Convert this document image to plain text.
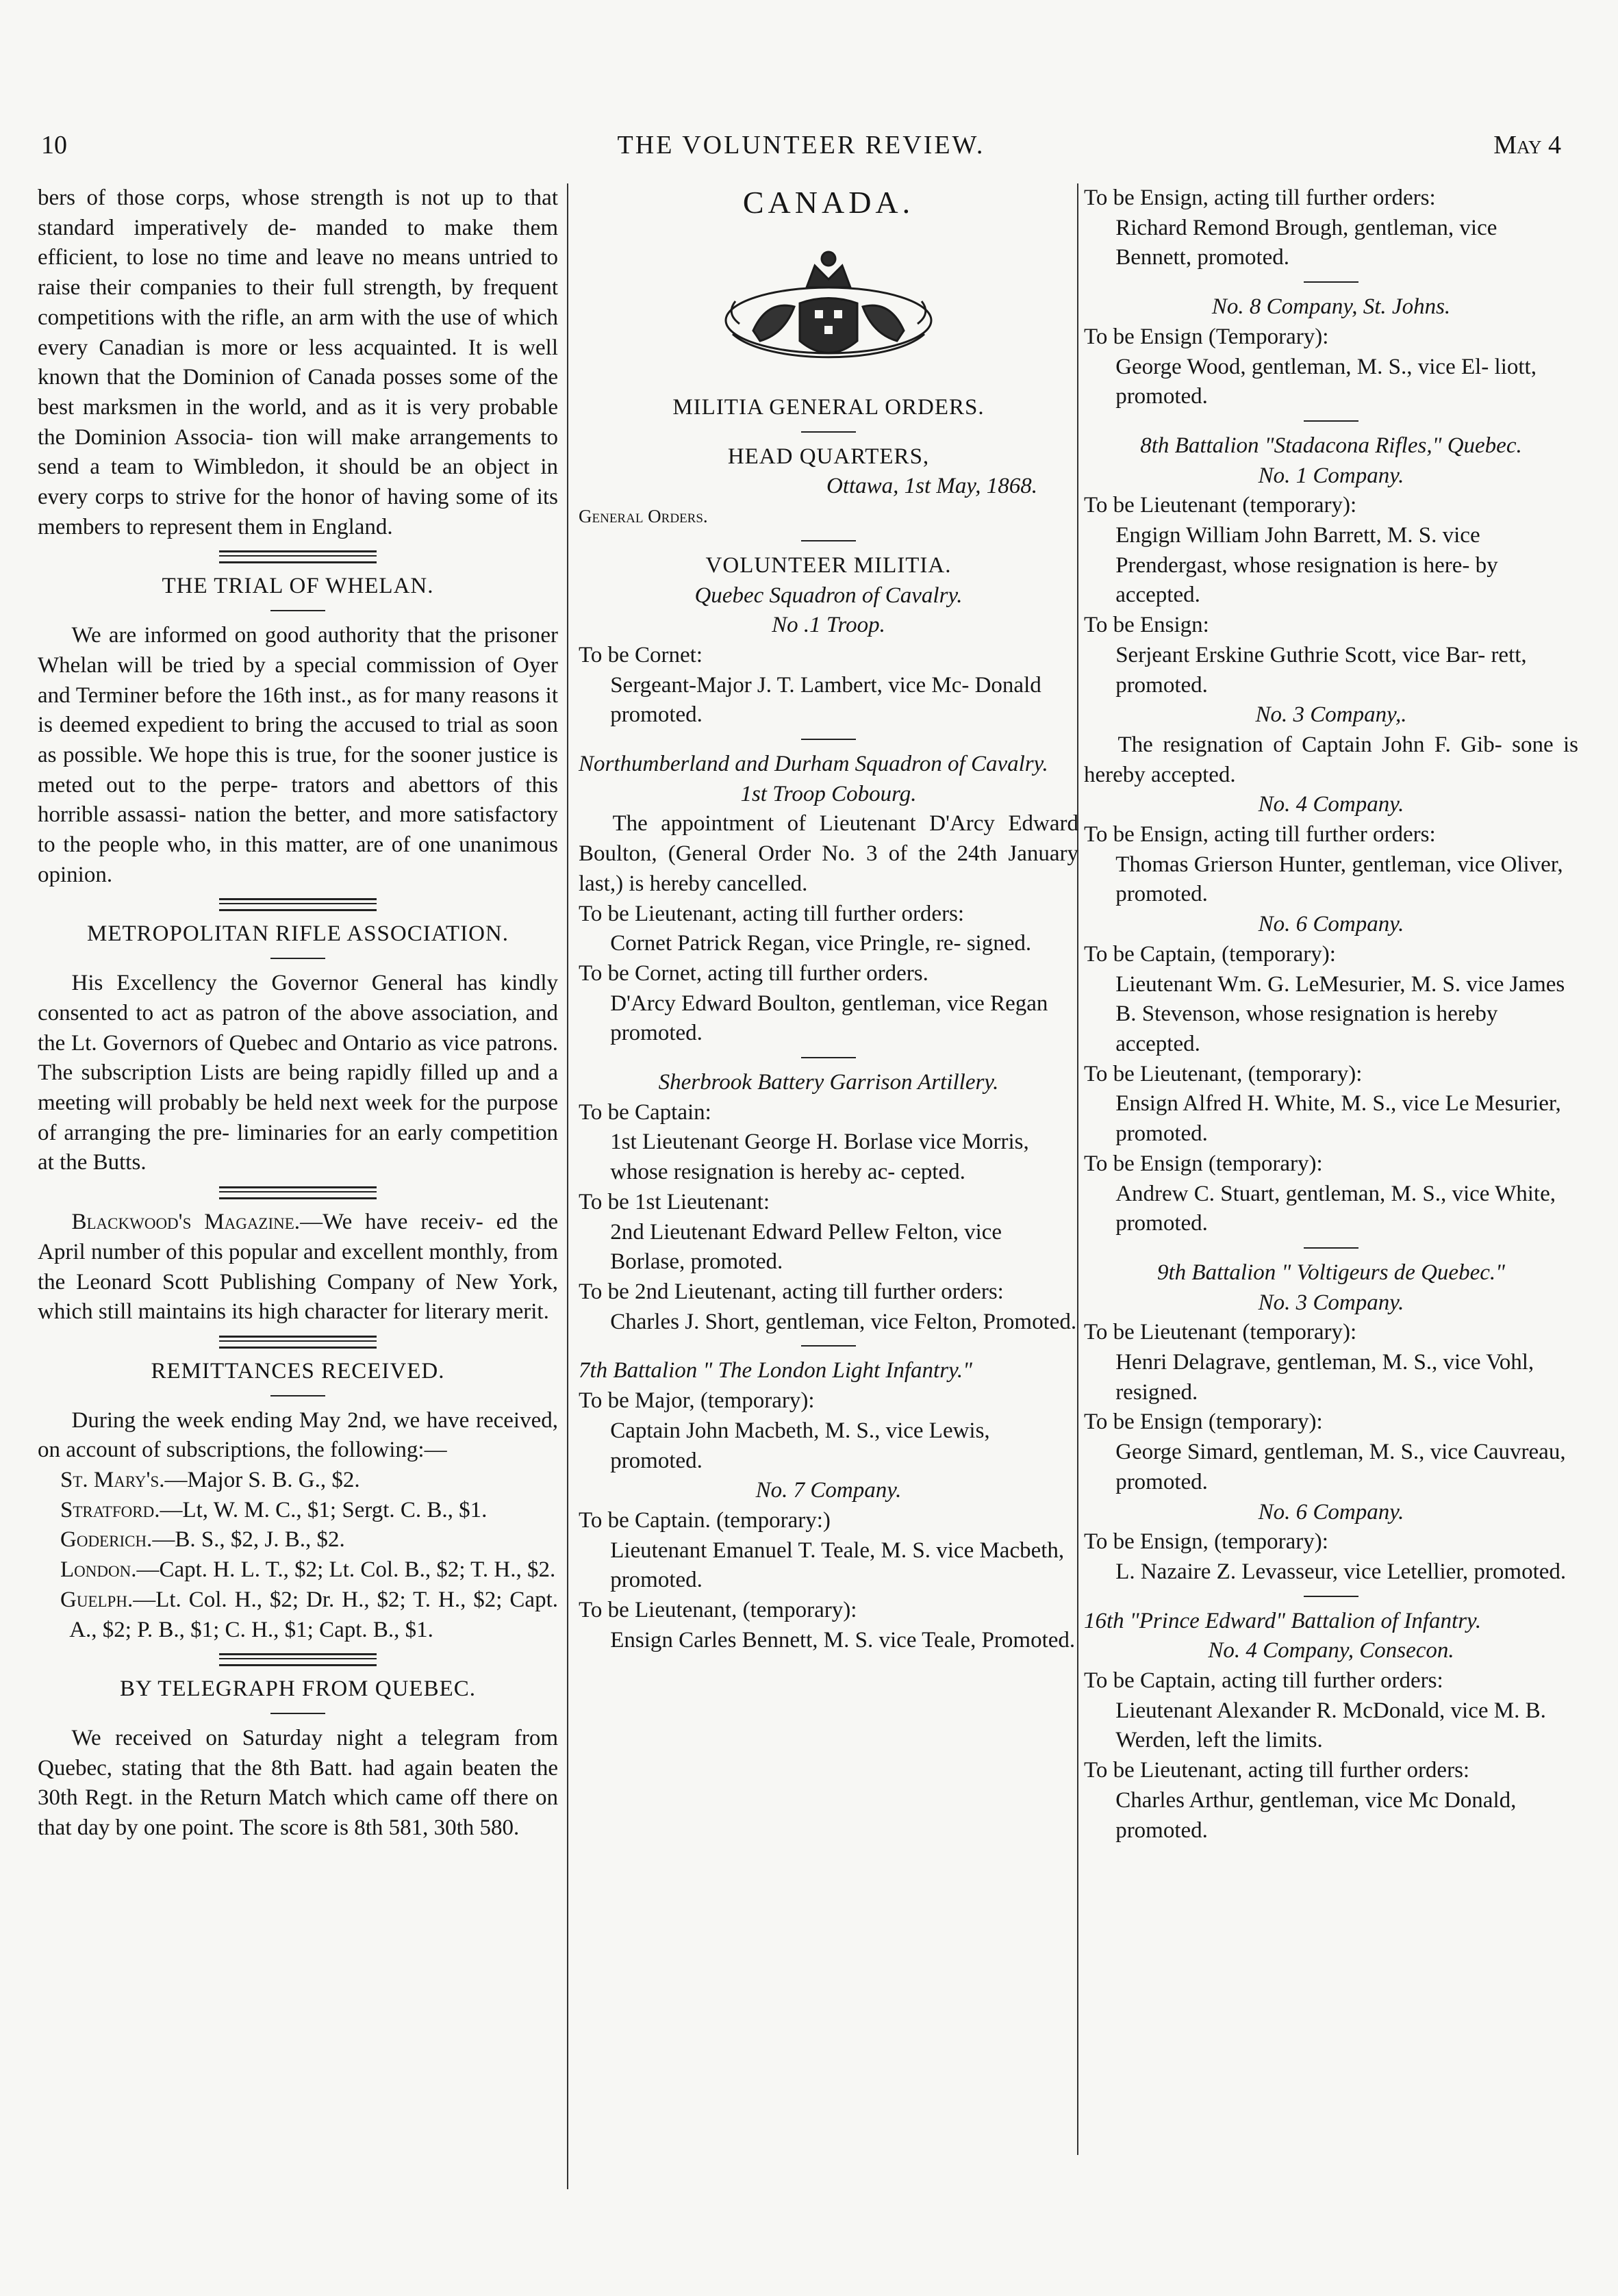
10	THE VOLUNTEER REVIEW.	May 4

bers of those corps, whose strength is not up to that standard imperatively de- manded to make them efficient, to lose no time and leave no means untried to raise their companies to their full strength, by frequent competitions with the rifle, an arm with the use of which every Canadian is more or less acquainted. It is well known that the Dominion of Canada posses some of the best marksmen in the world, and as it is very probable the Dominion Associa- tion will make arrangements to send a team to Wimbledon, it should be an object in every corps to strive for the honor of having some of its members to represent them in England.

THE TRIAL OF WHELAN.

We are informed on good authority that the prisoner Whelan will be tried by a special commission of Oyer and Terminer before the 16th inst., as for many reasons it is deemed expedient to bring the accused to trial as soon as possible. We hope this is true, for the sooner justice is meted out to the perpe- trators and abettors of this horrible assassi- nation the better, and more satisfactory to the people who, in this matter, are of one unanimous opinion.

METROPOLITAN RIFLE ASSOCIATION.

His Excellency the Governor General has kindly consented to act as patron of the above association, and the Lt. Governors of Quebec and Ontario as vice patrons. The subscription Lists are being rapidly filled up and a meeting will probably be held next week for the purpose of arranging the pre- liminaries for an early competition at the Butts.

Blackwood's Magazine.—We have receiv- ed the April number of this popular and excellent monthly, from the Leonard Scott Publishing Company of New York, which still maintains its high character for literary merit.

REMITTANCES RECEIVED.

During the week ending May 2nd, we have received, on account of subscriptions, the following:—

St. Mary's.—Major S. B. G., $2.

Stratford.—Lt, W. M. C., $1; Sergt. C. B., $1.

Goderich.—B. S., $2, J. B., $2.

London.—Capt. H. L. T., $2; Lt. Col. B., $2; T. H., $2.

Guelph.—Lt. Col. H., $2; Dr. H., $2; T. H., $2; Capt. A., $2; P. B., $1; C. H., $1; Capt. B., $1.

BY TELEGRAPH FROM QUEBEC.

We received on Saturday night a telegram from Quebec, stating that the 8th Batt. had again beaten the 30th Regt. in the Return Match which came off there on that day by one point. The score is 8th 581, 30th 580.

CANADA.

MILITIA GENERAL ORDERS.

HEAD QUARTERS,

Ottawa, 1st May, 1868.

General Orders.

VOLUNTEER MILITIA.

Quebec Squadron of Cavalry.

No .1 Troop.

To be Cornet:

Sergeant-Major J. T. Lambert, vice Mc- Donald promoted.

Northumberland and Durham Squadron of Cavalry.

1st Troop Cobourg.

The appointment of Lieutenant D'Arcy Edward Boulton, (General Order No. 3 of the 24th January last,) is hereby cancelled.

To be Lieutenant, acting till further orders:

Cornet Patrick Regan, vice Pringle, re- signed.

To be Cornet, acting till further orders.

D'Arcy Edward Boulton, gentleman, vice Regan promoted.

Sherbrook Battery Garrison Artillery.

To be Captain:

1st Lieutenant George H. Borlase vice Morris, whose resignation is hereby ac- cepted.

To be 1st Lieutenant:

2nd Lieutenant Edward Pellew Felton, vice Borlase, promoted.

To be 2nd Lieutenant, acting till further orders:

Charles J. Short, gentleman, vice Felton, Promoted.

7th Battalion " The London Light Infantry."

To be Major, (temporary):

Captain John Macbeth, M. S., vice Lewis, promoted.

No. 7 Company.

To be Captain. (temporary:)

Lieutenant Emanuel T. Teale, M. S. vice Macbeth, promoted.

To be Lieutenant, (temporary):

Ensign Carles Bennett, M. S. vice Teale, Promoted.

To be Ensign, acting till further orders:

Richard Remond Brough, gentleman, vice Bennett, promoted.

No. 8 Company, St. Johns.

To be Ensign (Temporary):

George Wood, gentleman, M. S., vice El- liott, promoted.

8th Battalion "Stadacona Rifles," Quebec.

No. 1 Company.

To be Lieutenant (temporary):

Engign William John Barrett, M. S. vice Prendergast, whose resignation is here- by accepted.

To be Ensign:

Serjeant Erskine Guthrie Scott, vice Bar- rett, promoted.

No. 3 Company,.

The resignation of Captain John F. Gib- sone is hereby accepted.

No. 4 Company.

To be Ensign, acting till further orders:

Thomas Grierson Hunter, gentleman, vice Oliver, promoted.

No. 6 Company.

To be Captain, (temporary):

Lieutenant Wm. G. LeMesurier, M. S. vice James B. Stevenson, whose resignation is hereby accepted.

To be Lieutenant, (temporary):

Ensign Alfred H. White, M. S., vice Le Mesurier, promoted.

To be Ensign (temporary):

Andrew C. Stuart, gentleman, M. S., vice White, promoted.

9th Battalion " Voltigeurs de Quebec."

No. 3 Company.

To be Lieutenant (temporary):

Henri Delagrave, gentleman, M. S., vice Vohl, resigned.

To be Ensign (temporary):

George Simard, gentleman, M. S., vice Cauvreau, promoted.

No. 6 Company.

To be Ensign, (temporary):

L. Nazaire Z. Levasseur, vice Letellier, promoted.

16th "Prince Edward" Battalion of Infantry.

No. 4 Company, Consecon.

To be Captain, acting till further orders:

Lieutenant Alexander R. McDonald, vice M. B. Werden, left the limits.

To be Lieutenant, acting till further orders:

Charles Arthur, gentleman, vice Mc Donald, promoted.
